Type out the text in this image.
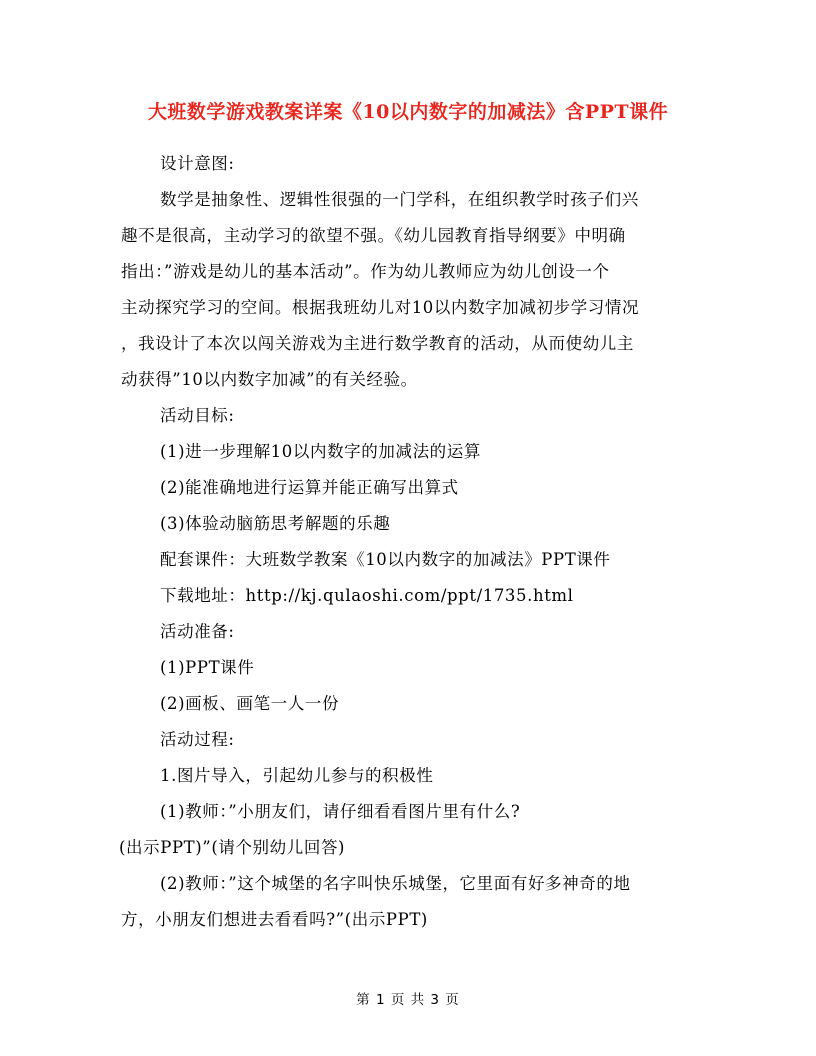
大班数学游戏教案详案《10以内数字的加减法》含PPT课件

设计意图:

数学是抽象性、逻辑性很强的一门学科，在组织教学时孩子们兴

趣不是很高，主动学习的欲望不强。《幼儿园教育指导纲要》中明确

指出：”游戏是幼儿的基本活动”。作为幼儿教师应为幼儿创设一个

主动探究学习的空间。根据我班幼儿对10以内数字加减初步学习情况

，我设计了本次以闯关游戏为主进行数学教育的活动，从而使幼儿主

动获得”10以内数字加减”的有关经验。

活动目标:

(1)进一步理解10以内数字的加减法的运算

(2)能准确地进行运算并能正确写出算式

(3)体验动脑筋思考解题的乐趣

配套课件：大班数学教案《10以内数字的加减法》PPT课件

下载地址：http://kj.qulaoshi.com/ppt/1735.html

活动准备:

(1)PPT课件

(2)画板、画笔一人一份

活动过程:

1.图片导入，引起幼儿参与的积极性

(1)教师：”小朋友们，请仔细看看图片里有什么?

(出示PPT)”(请个别幼儿回答)

(2)教师：”这个城堡的名字叫快乐城堡，它里面有好多神奇的地

方，小朋友们想进去看看吗?”(出示PPT)

第 1 页 共 3 页
